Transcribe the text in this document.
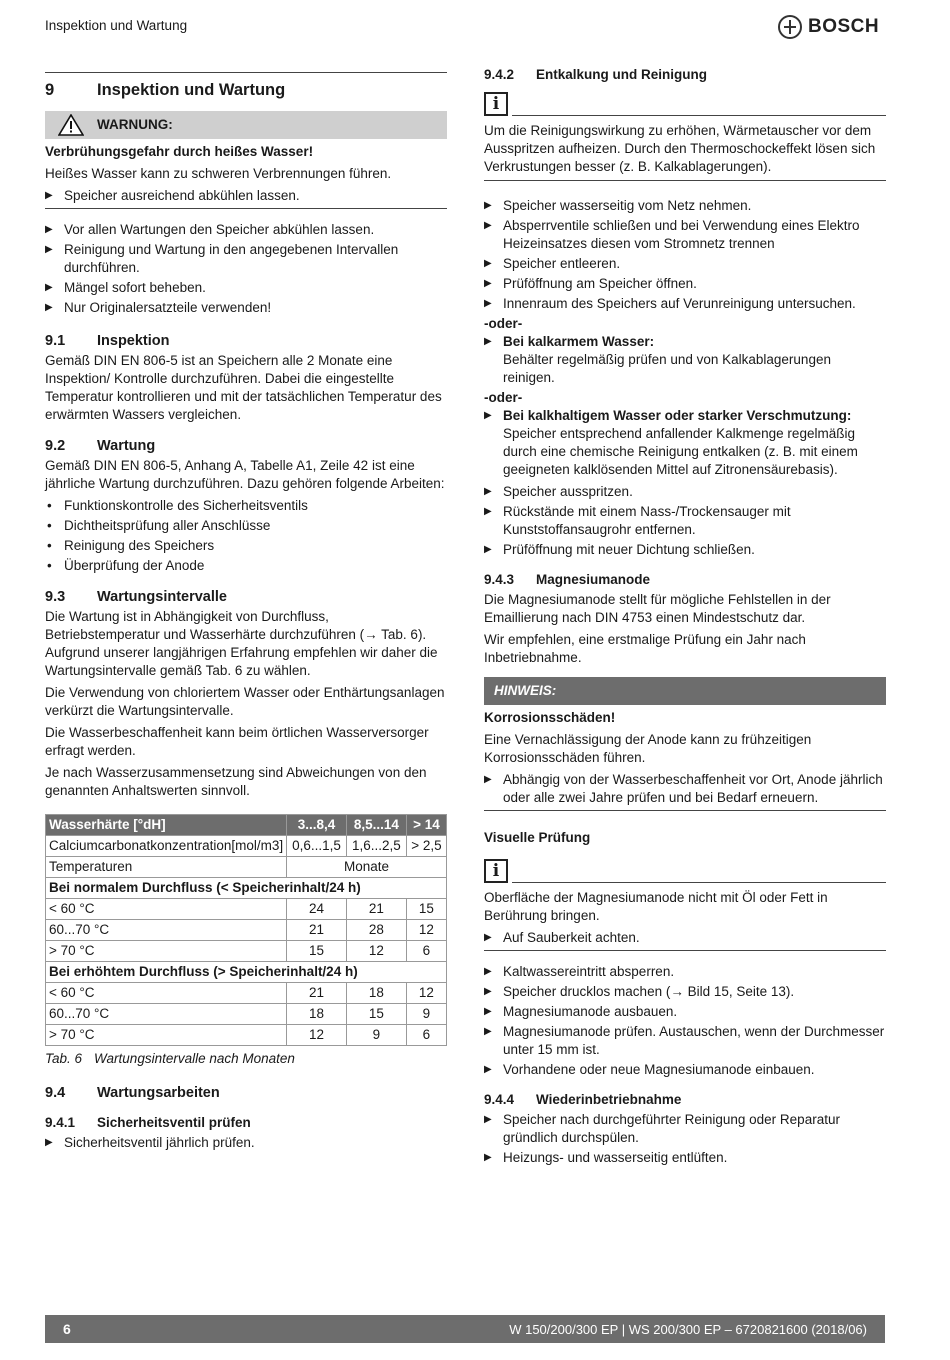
Inspektion und Wartung	BOSCH
9	Inspektion und Wartung
WARNUNG:

Verbrühungsgefahr durch heißes Wasser!

Heißes Wasser kann zu schweren Verbrennungen führen.

▶ Speicher ausreichend abkühlen lassen.
▶ Vor allen Wartungen den Speicher abkühlen lassen.
▶ Reinigung und Wartung in den angegebenen Intervallen durchführen.
▶ Mängel sofort beheben.
▶ Nur Originalersatzteile verwenden!
9.1	Inspektion

Gemäß DIN EN 806-5 ist an Speichern alle 2 Monate eine Inspektion/ Kontrolle durchzuführen. Dabei die eingestellte Temperatur kontrollieren und mit der tatsächlichen Temperatur des erwärmten Wassers vergleichen.

9.2	Wartung

Gemäß DIN EN 806-5, Anhang A, Tabelle A1, Zeile 42 ist eine jährliche Wartung durchzuführen. Dazu gehören folgende Arbeiten:

• Funktionskontrolle des Sicherheitsventils
• Dichtheitsprüfung aller Anschlüsse
• Reinigung des Speichers
• Überprüfung der Anode
9.3	Wartungsintervalle

Die Wartung ist in Abhängigkeit von Durchfluss, Betriebstemperatur und Wasserhärte durchzuführen (→ Tab. 6). Aufgrund unserer langjährigen Erfahrung empfehlen wir daher die Wartungsintervalle gemäß Tab. 6 zu wählen.

Die Verwendung von chloriertem Wasser oder Enthärtungsanlagen verkürzt die Wartungsintervalle.

Die Wasserbeschaffenheit kann beim örtlichen Wasserversorger erfragt werden.

Je nach Wasserzusammensetzung sind Abweichungen von den genannten Anhaltswerten sinnvoll.

Wasserhärte [°dH]	3...8,4	8,5...14	> 14
Calciumcarbonatkonzentration[mol/m3]	0,6...1,5	1,6...2,5	> 2,5
Temperaturen	Monate		
Bei normalem Durchfluss (< Speicherinhalt/24 h)			
< 60 °C	24	21	15
60...70 °C	21	28	12
> 70 °C	15	12	6
Bei erhöhtem Durchfluss (> Speicherinhalt/24 h)			
< 60 °C	21	18	12
60...70 °C	18	15	9
> 70 °C	12	9	6
Tab. 6 Wartungsintervalle nach Monaten
9.4	Wartungsarbeiten
9.4.1	Sicherheitsventil prüfen
▶ Sicherheitsventil jährlich prüfen.
9.4.2	Entkalkung und Reinigung
i

Um die Reinigungswirkung zu erhöhen, Wärmetauscher vor dem Ausspritzen aufheizen. Durch den Thermoschockeffekt lösen sich Verkrustungen besser (z. B. Kalkablagerungen).

▶ Speicher wasserseitig vom Netz nehmen.
▶ Absperrventile schließen und bei Verwendung eines Elektro Heizeinsatzes diesen vom Stromnetz trennen
▶ Speicher entleeren.
▶ Prüföffnung am Speicher öffnen.
▶ Innenraum des Speichers auf Verunreinigung untersuchen.
-oder-
▶ Bei kalkarmem Wasser:
Behälter regelmäßig prüfen und von Kalkablagerungen reinigen.
-oder-
▶ Bei kalkhaltigem Wasser oder starker Verschmutzung:
Speicher entsprechend anfallender Kalkmenge regelmäßig durch eine chemische Reinigung entkalken (z. B. mit einem geeigneten kalklösenden Mittel auf Zitronensäurebasis).
▶ Speicher ausspritzen.
▶ Rückstände mit einem Nass-/Trockensauger mit Kunststoffansaugrohr entfernen.
▶ Prüföffnung mit neuer Dichtung schließen.
9.4.3	Magnesiumanode

Die Magnesiumanode stellt für mögliche Fehlstellen in der Emaillierung nach DIN 4753 einen Mindestschutz dar.

Wir empfehlen, eine erstmalige Prüfung ein Jahr nach Inbetriebnahme.

HINWEIS:

Korrosionsschäden!

Eine Vernachlässigung der Anode kann zu frühzeitigen Korrosionsschäden führen.

▶ Abhängig von der Wasserbeschaffenheit vor Ort, Anode jährlich oder alle zwei Jahre prüfen und bei Bedarf erneuern.

Visuelle Prüfung

i

Oberfläche der Magnesiumanode nicht mit Öl oder Fett in Berührung bringen.

▶ Auf Sauberkeit achten.
▶ Kaltwassereintritt absperren.
▶ Speicher drucklos machen (→ Bild 15, Seite 13).
▶ Magnesiumanode ausbauen.
▶ Magnesiumanode prüfen. Austauschen, wenn der Durchmesser unter 15 mm ist.
▶ Vorhandene oder neue Magnesiumanode einbauen.
9.4.4	Wiederinbetriebnahme
▶ Speicher nach durchgeführter Reinigung oder Reparatur gründlich durchspülen.
▶ Heizungs- und wasserseitig entlüften.
6	W 150/200/300 EP | WS 200/300 EP – 6720821600 (2018/06)
